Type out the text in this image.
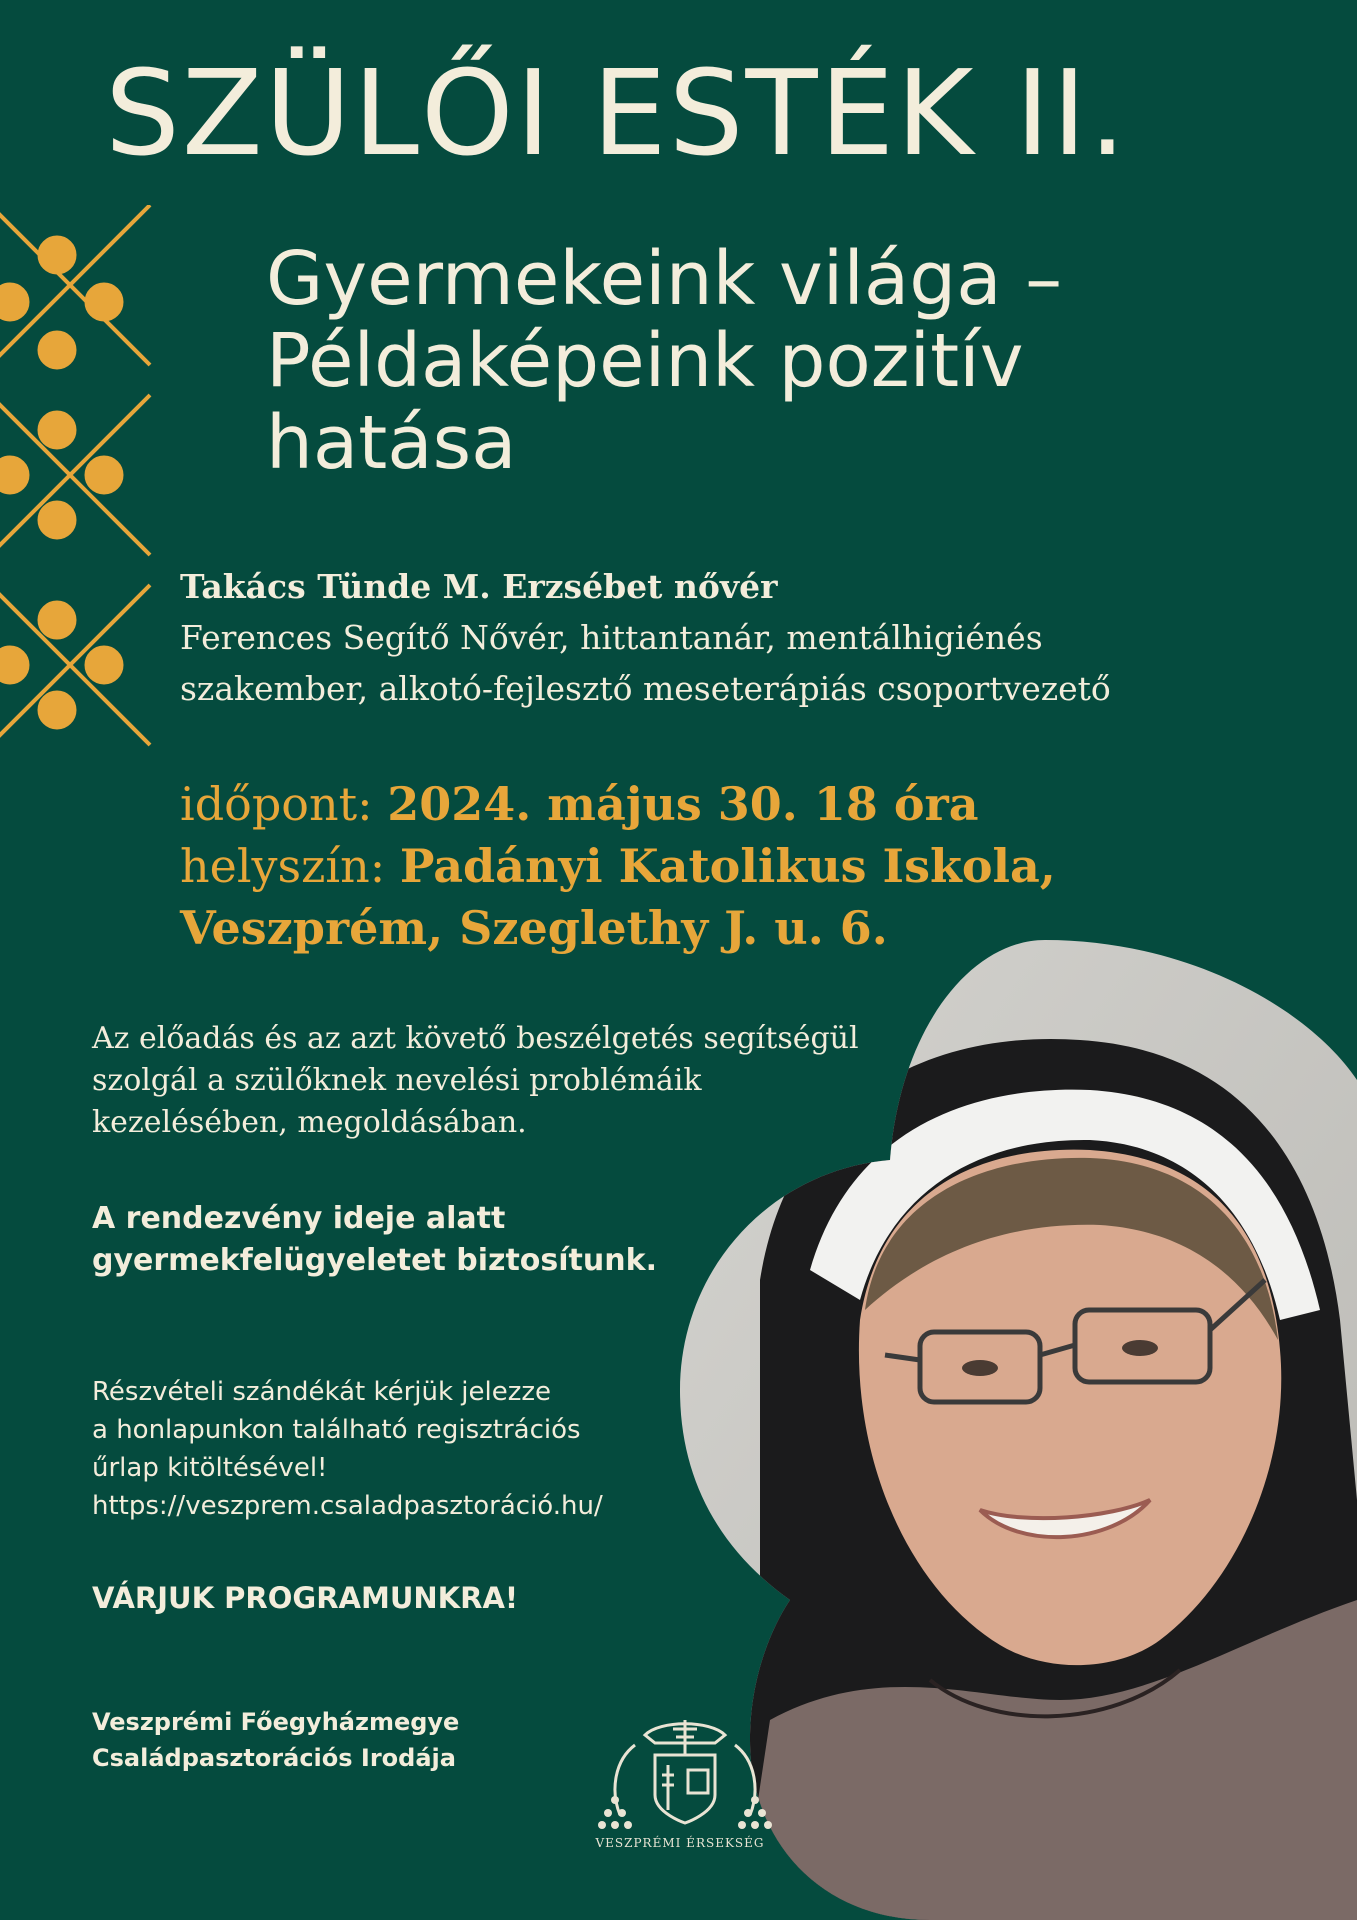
SZÜLŐI ESTÉK II.
Gyermekeink világa –
Példaképeink pozitív
hatása
Takács Tünde M. Erzsébet nővér
Ferences Segítő Nővér, hittantanár, mentálhigiénés
szakember, alkotó-fejlesztő meseterápiás csoportvezető
időpont: 2024. május 30. 18 óra
helyszín: Padányi Katolikus Iskola,
Veszprém, Szeglethy J. u. 6.
Az előadás és az azt követő beszélgetés segítségül
szolgál a szülőknek nevelési problémáik
kezelésében, megoldásában.
A rendezvény ideje alatt
gyermekfelügyeletet biztosítunk.
Részvételi szándékát kérjük jelezze
a honlapunkon található regisztrációs
űrlap kitöltésével!
https://veszprem.csaladpasztoráció.hu/
VÁRJUK PROGRAMUNKRA!
Veszprémi Főegyházmegye
Családpasztorációs Irodája
VESZPRÉMI ÉRSEKSÉG
